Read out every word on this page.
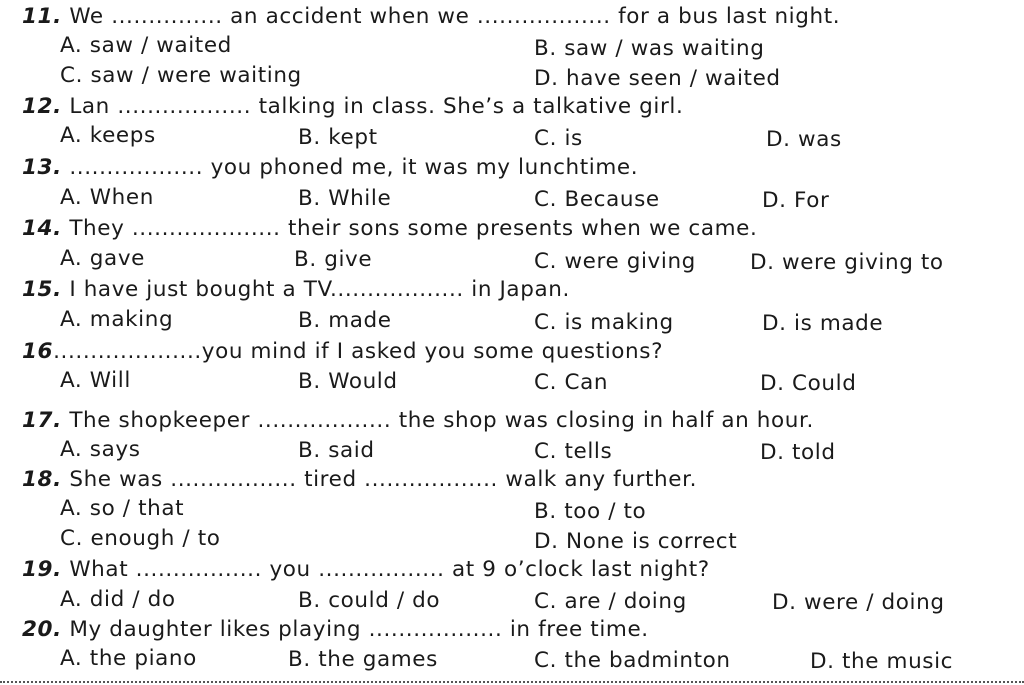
11. We ............... an accident when we .................. for a bus last night.
A. saw / waited	B. saw / was waiting
C. saw / were waiting	D. have seen / waited
12. Lan .................. talking in class. She’s a talkative girl.
A. keeps	B. kept	C. is	D. was
13. .................. you phoned me, it was my lunchtime.
A. When	B. While	C. Because	D. For
14. They .................... their sons some presents when we came.
A. gave	B. give	C. were giving	D. were giving to
15. I have just bought a TV.................. in Japan.
A. making	B. made	C. is making	D. is made
16....................you mind if I asked you some questions?
A. Will	B. Would	C. Can	D. Could
17. The shopkeeper .................. the shop was closing in half an hour.
A. says	B. said	C. tells	D. told
18. She was ................. tired .................. walk any further.
A. so / that	B. too / to
C. enough / to	D. None is correct
19. What ................. you ................. at 9 o’clock last night?
A. did / do	B. could / do	C. are / doing	D. were / doing
20. My daughter likes playing .................. in free time.
A. the piano	B. the games	C. the badminton	D. the music
